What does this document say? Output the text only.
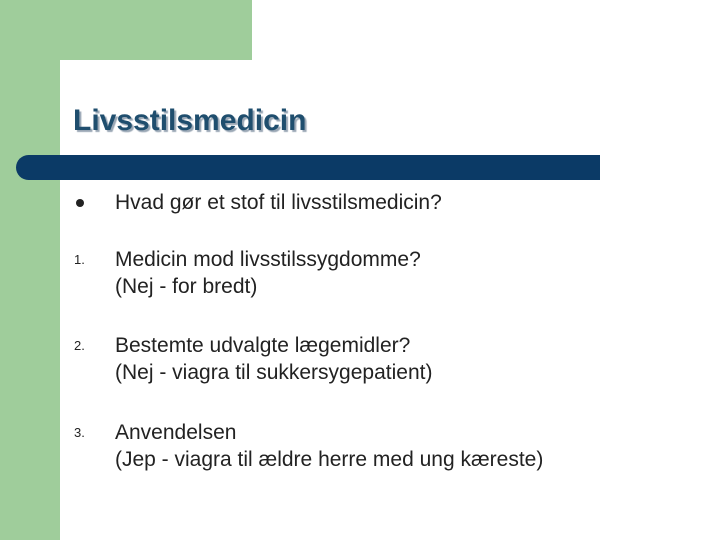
Livsstilsmedicin
Hvad gør et stof til livsstilsmedicin?
1. Medicin mod livsstilssygdomme?
(Nej - for bredt)
2. Bestemte udvalgte lægemidler?
(Nej - viagra til sukkersygepatient)
3. Anvendelsen
(Jep - viagra til ældre herre med ung kæreste)
